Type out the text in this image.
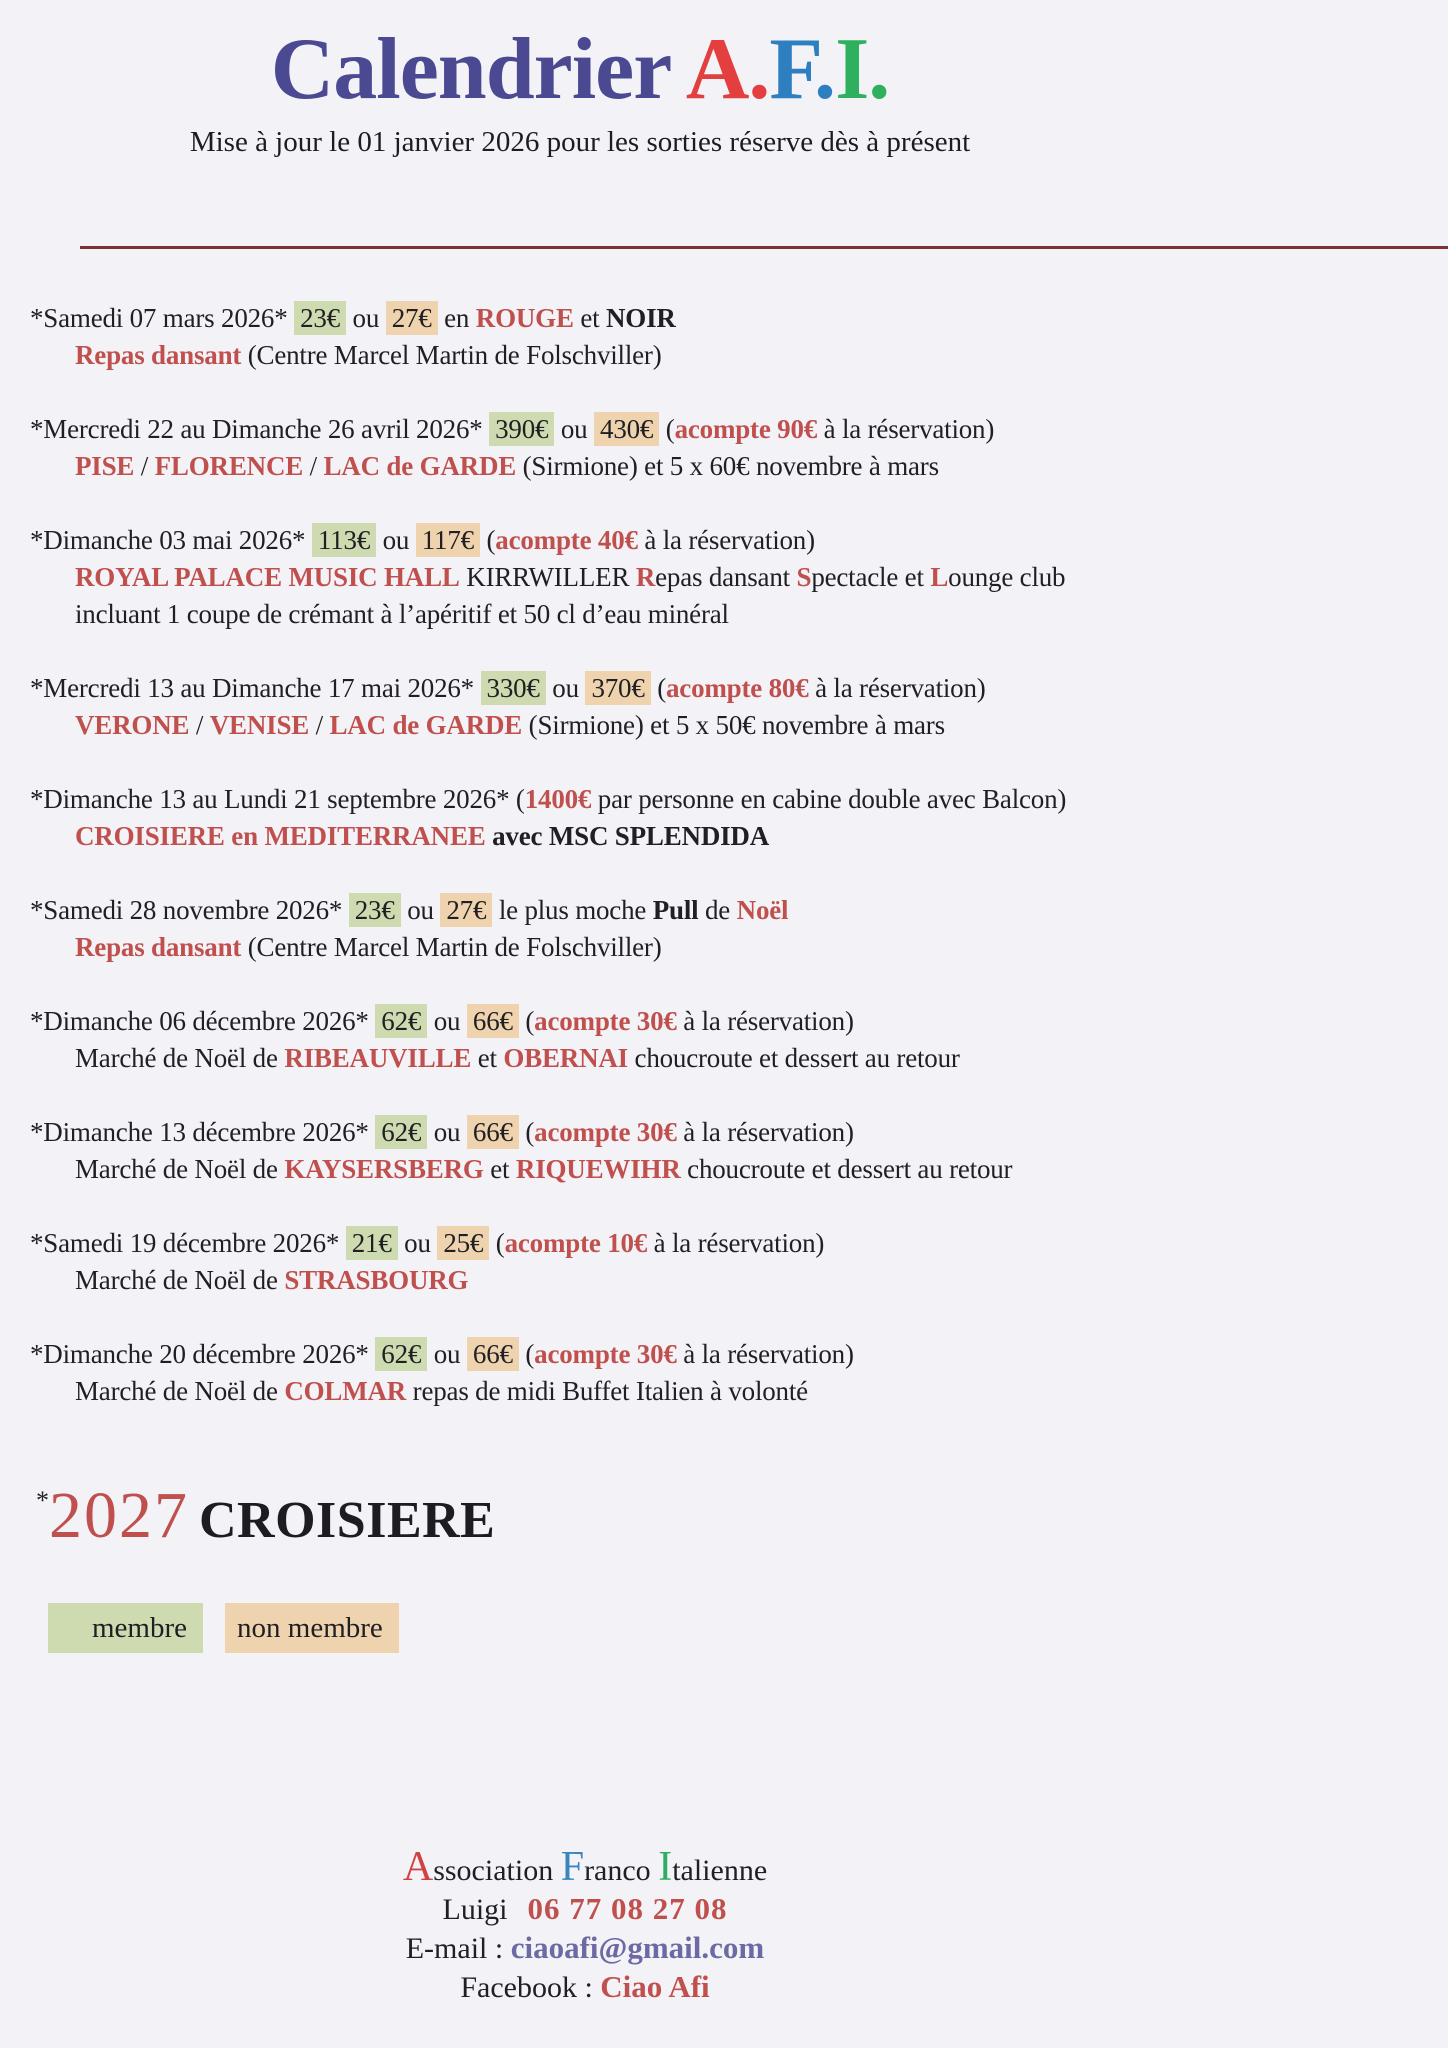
Calendrier A.F.I.
Mise à jour le 01 janvier 2026 pour les sorties réserve dès à présent
*Samedi 07 mars 2026* 23€ ou 27€ en ROUGE et NOIR
Repas dansant (Centre Marcel Martin de Folschviller)
*Mercredi 22 au Dimanche 26 avril 2026* 390€ ou 430€ (acompte 90€ à la réservation)
PISE / FLORENCE / LAC de GARDE (Sirmione) et 5 x 60€ novembre à mars
*Dimanche 03 mai 2026* 113€ ou 117€ (acompte 40€ à la réservation)
ROYAL PALACE MUSIC HALL KIRRWILLER Repas dansant Spectacle et Lounge club
incluant 1 coupe de crémant à l’apéritif et 50 cl d’eau minéral
*Mercredi 13 au Dimanche 17 mai 2026* 330€ ou 370€ (acompte 80€ à la réservation)
VERONE / VENISE / LAC de GARDE (Sirmione) et 5 x 50€ novembre à mars
*Dimanche 13 au Lundi 21 septembre 2026* (1400€ par personne en cabine double avec Balcon)
CROISIERE en MEDITERRANEE avec MSC SPLENDIDA
*Samedi 28 novembre 2026* 23€ ou 27€ le plus moche Pull de Noël
Repas dansant (Centre Marcel Martin de Folschviller)
*Dimanche 06 décembre 2026* 62€ ou 66€ (acompte 30€ à la réservation)
Marché de Noël de RIBEAUVILLE et OBERNAI choucroute et dessert au retour
*Dimanche 13 décembre 2026* 62€ ou 66€ (acompte 30€ à la réservation)
Marché de Noël de KAYSERSBERG et RIQUEWIHR choucroute et dessert au retour
*Samedi 19 décembre 2026* 21€ ou 25€ (acompte 10€ à la réservation)
Marché de Noël de STRASBOURG
*Dimanche 20 décembre 2026* 62€ ou 66€ (acompte 30€ à la réservation)
Marché de Noël de COLMAR repas de midi Buffet Italien à volonté
*2027 CROISIERE
membre non membre
Association Franco Italienne
Luigi 06 77 08 27 08
E-mail : ciaoafi@gmail.com
Facebook : Ciao Afi
